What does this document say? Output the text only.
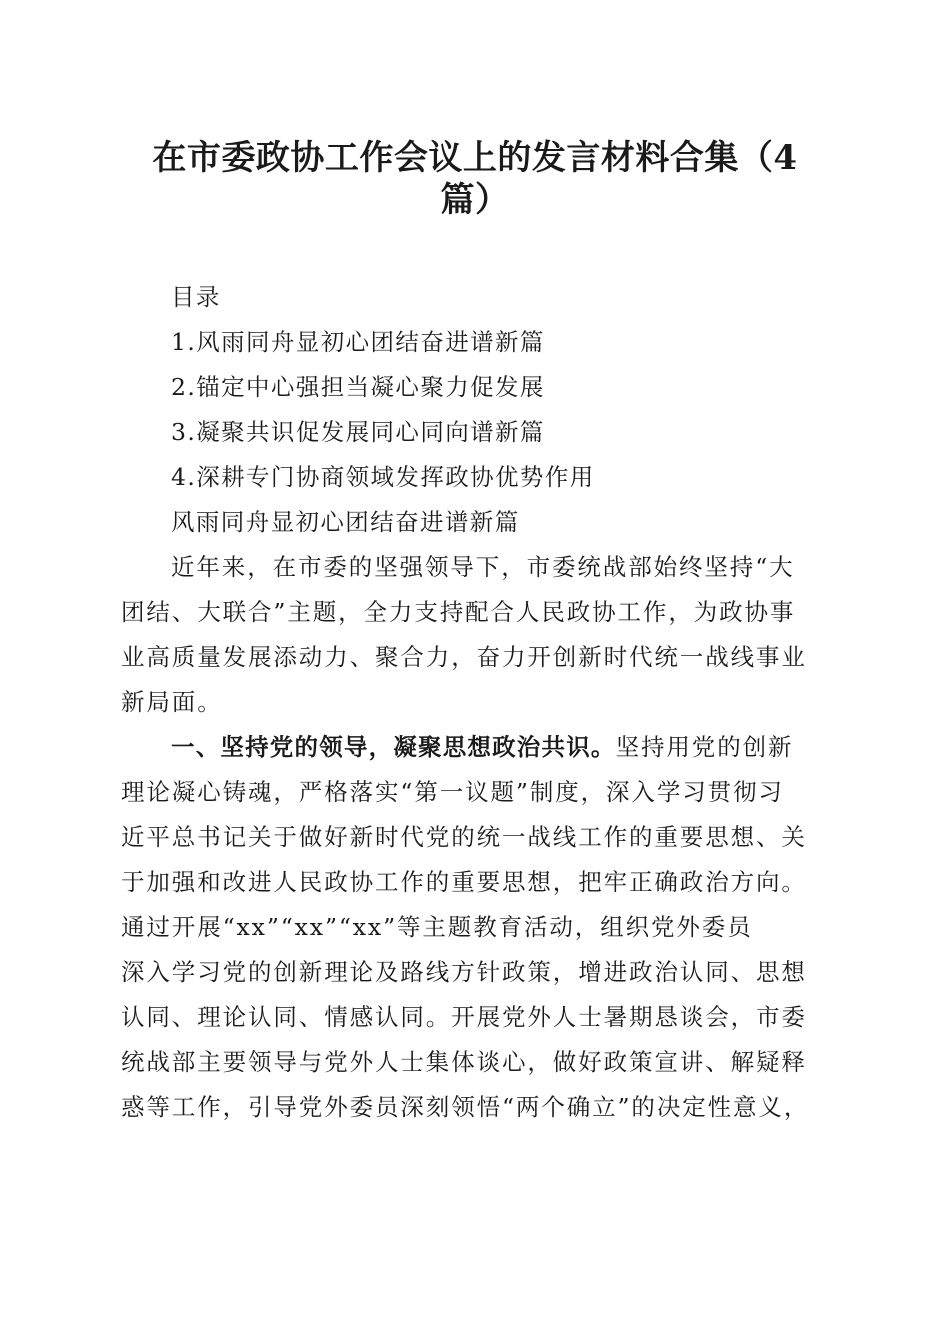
在市委政协工作会议上的发言材料合集（4
篇）
目录
1.风雨同舟显初心团结奋进谱新篇
2.锚定中心强担当凝心聚力促发展
3.凝聚共识促发展同心同向谱新篇
4.深耕专门协商领域发挥政协优势作用
风雨同舟显初心团结奋进谱新篇
近年来，在市委的坚强领导下，市委统战部始终坚持“大
团结、大联合”主题，全力支持配合人民政协工作，为政协事
业高质量发展添动力、聚合力，奋力开创新时代统一战线事业
新局面。
一、坚持党的领导，凝聚思想政治共识。坚持用党的创新
理论凝心铸魂，严格落实“第一议题”制度，深入学习贯彻习
近平总书记关于做好新时代党的统一战线工作的重要思想、关
于加强和改进人民政协工作的重要思想，把牢正确政治方向。
通过开展“xx”“xx”“xx”等主题教育活动，组织党外委员
深入学习党的创新理论及路线方针政策，增进政治认同、思想
认同、理论认同、情感认同。开展党外人士暑期恳谈会，市委
统战部主要领导与党外人士集体谈心，做好政策宣讲、解疑释
惑等工作，引导党外委员深刻领悟“两个确立”的决定性意义，
